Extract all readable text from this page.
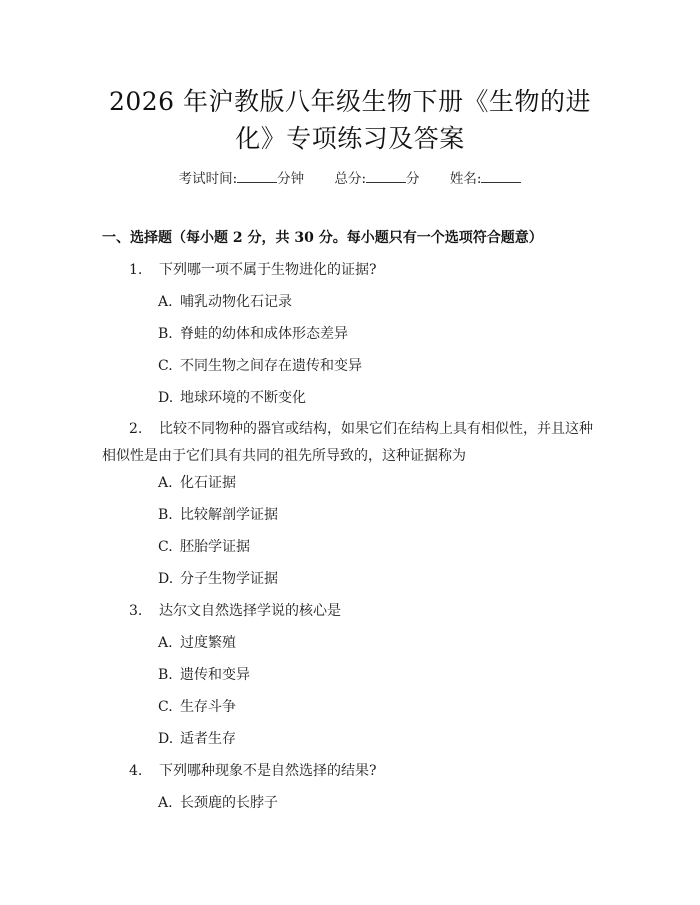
2026 年沪教版八年级生物下册《生物的进
化》专项练习及答案
考试时间:	分钟 总分:	分 姓名:
一、选择题（每小题 2 分，共 30 分。每小题只有一个选项符合题意）
1. 下列哪一项不属于生物进化的证据?
A. 哺乳动物化石记录
B. 脊蛙的幼体和成体形态差异
C. 不同生物之间存在遗传和变异
D. 地球环境的不断变化
2. 比较不同物种的器官或结构，如果它们在结构上具有相似性，并且这种相似性是由于它们具有共同的祖先所导致的，这种证据称为
A. 化石证据
B. 比较解剖学证据
C. 胚胎学证据
D. 分子生物学证据
3. 达尔文自然选择学说的核心是
A. 过度繁殖
B. 遗传和变异
C. 生存斗争
D. 适者生存
4. 下列哪种现象不是自然选择的结果?
A. 长颈鹿的长脖子
